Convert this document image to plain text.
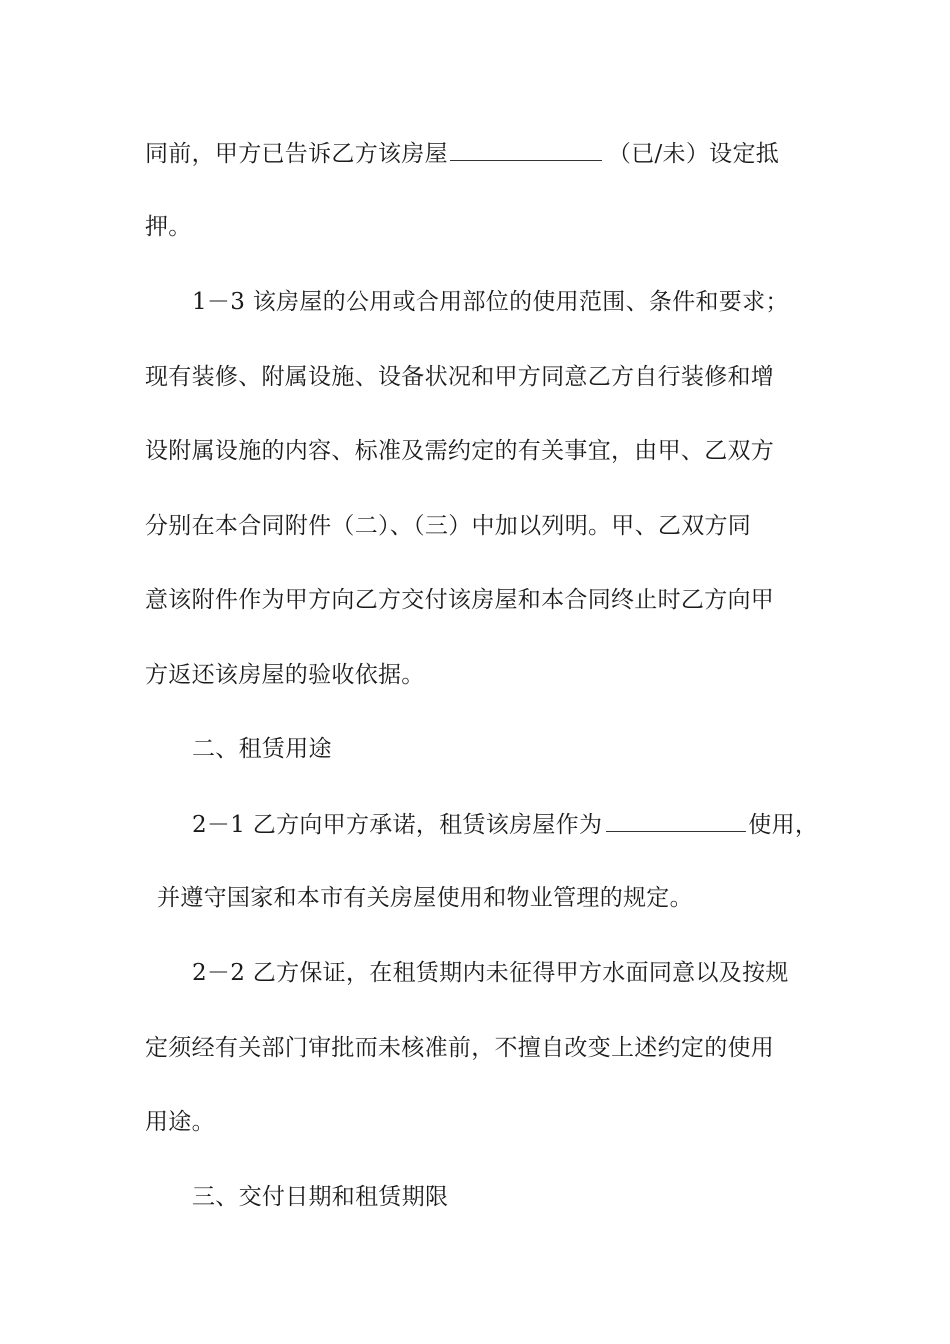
同前，甲方已告诉乙方该房屋	（已/未）设定抵
押。
1－3 该房屋的公用或合用部位的使用范围、条件和要求；
现有装修、附属设施、设备状况和甲方同意乙方自行装修和增
设附属设施的内容、标准及需约定的有关事宜，由甲、乙双方
分别在本合同附件（二）、（三）中加以列明。甲、乙双方同
意该附件作为甲方向乙方交付该房屋和本合同终止时乙方向甲
方返还该房屋的验收依据。
二、租赁用途
2－1 乙方向甲方承诺，租赁该房屋作为	使用，
并遵守国家和本市有关房屋使用和物业管理的规定。
2－2 乙方保证，在租赁期内未征得甲方水面同意以及按规
定须经有关部门审批而未核准前，不擅自改变上述约定的使用
用途。
三、交付日期和租赁期限
